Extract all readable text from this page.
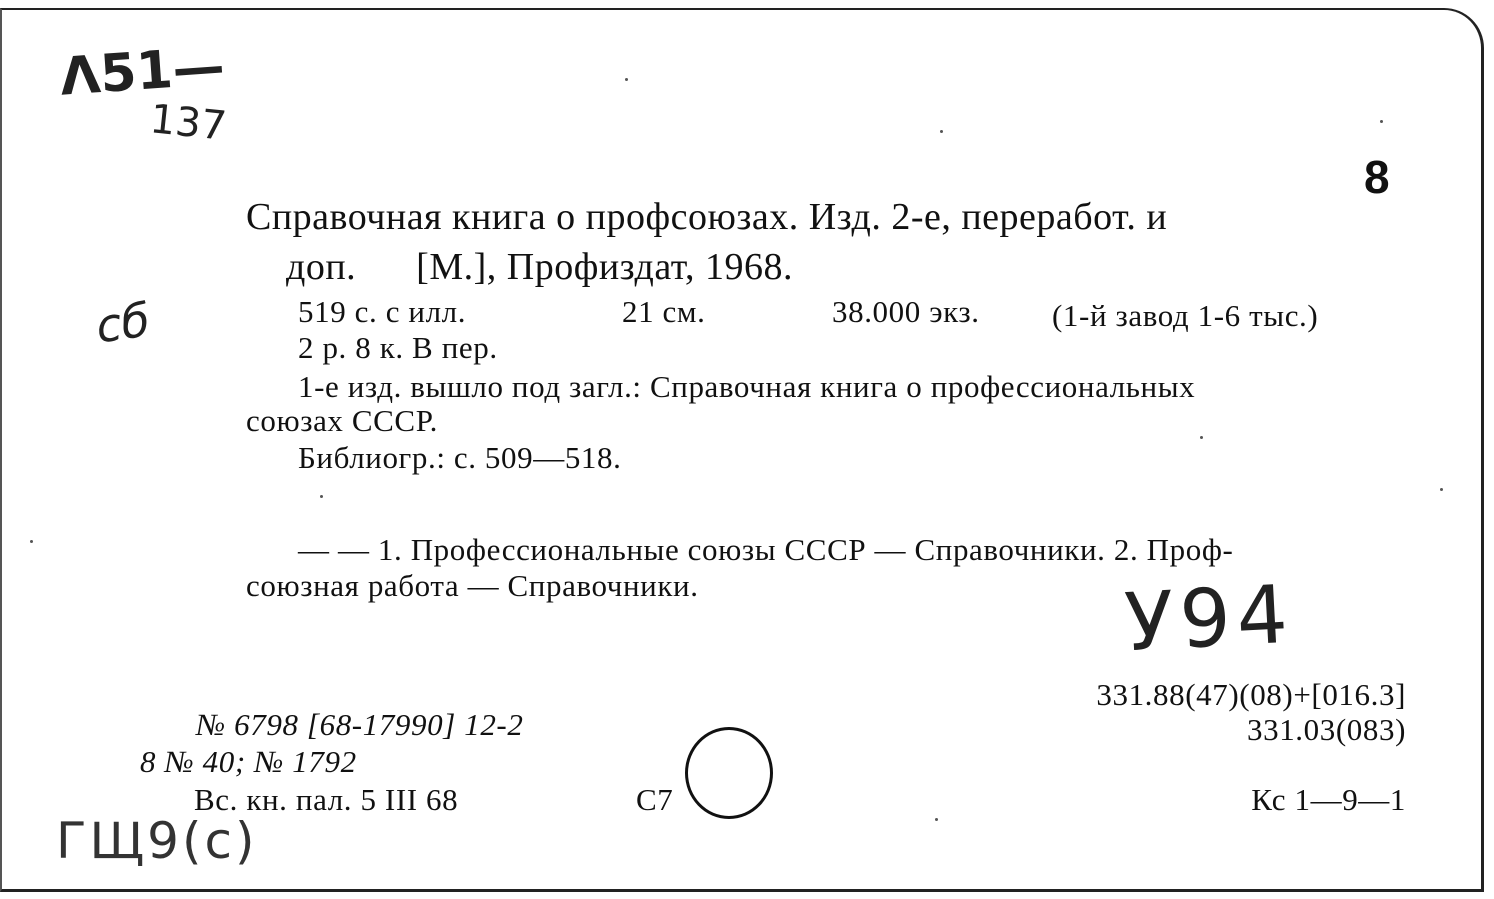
Λ51—
137
сб
У94
ГЩ9(с)
8
Справочная книга о профсоюзах. Изд. 2-е, переработ. и
доп.      [М.], Профиздат, 1968.
519 с. с илл.	21 см.	38.000 экз. (1-й завод 1-6 тыс.)
2 р. 8 к. В пер.
1-е изд. вышло под загл.: Справочная книга о профессиональных
союзах СССР.
Библиогр.: с. 509—518.
— — 1. Профессиональные союзы СССР — Справочники. 2. Проф-
союзная работа — Справочники.
331.88(47)(08)+[016.3]
331.03(083)
№ 6798 [68-17990] 12-2
8 № 40; № 1792
Вс. кн. пал. 5 III 68	С7	Кс 1—9—1
